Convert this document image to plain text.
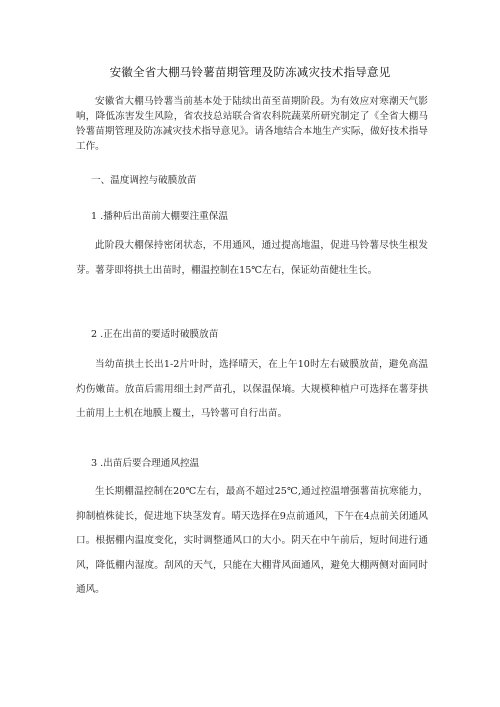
安徽全省大棚马铃薯苗期管理及防冻减灾技术指导意见
安徽省大棚马铃薯当前基本处于陆续出苗至苗期阶段。为有效应对寒潮天气影响，降低冻害发生风险，省农技总站联合省农科院蔬菜所研究制定了《全省大棚马铃薯苗期管理及防冻减灾技术指导意见》。请各地结合本地生产实际，做好技术指导工作。
一、温度调控与破膜放苗
1 .播种后出苗前大棚要注重保温
此阶段大棚保持密闭状态，不用通风，通过提高地温，促进马铃薯尽快生根发芽。薯芽即将拱土出苗时，棚温控制在15℃左右，保证幼苗健壮生长。
2 .正在出苗的要适时破膜放苗
当幼苗拱土长出1-2片叶时，选择晴天，在上午10时左右破膜放苗，避免高温灼伤嫩苗。放苗后需用细土封严苗孔，以保温保墒。大规模种植户可选择在薯芽拱土前用上土机在地膜上覆土，马铃薯可自行出苗。
3 .出苗后要合理通风控温
生长期棚温控制在20℃左右，最高不超过25℃,通过控温增强薯苗抗寒能力，抑制植株徒长，促进地下块茎发育。晴天选择在9点前通风，下午在4点前关闭通风口。根据棚内温度变化，实时调整通风口的大小。阴天在中午前后，短时间进行通风，降低棚内湿度。刮风的天气，只能在大棚背风面通风，避免大棚两侧对面同时通风。
